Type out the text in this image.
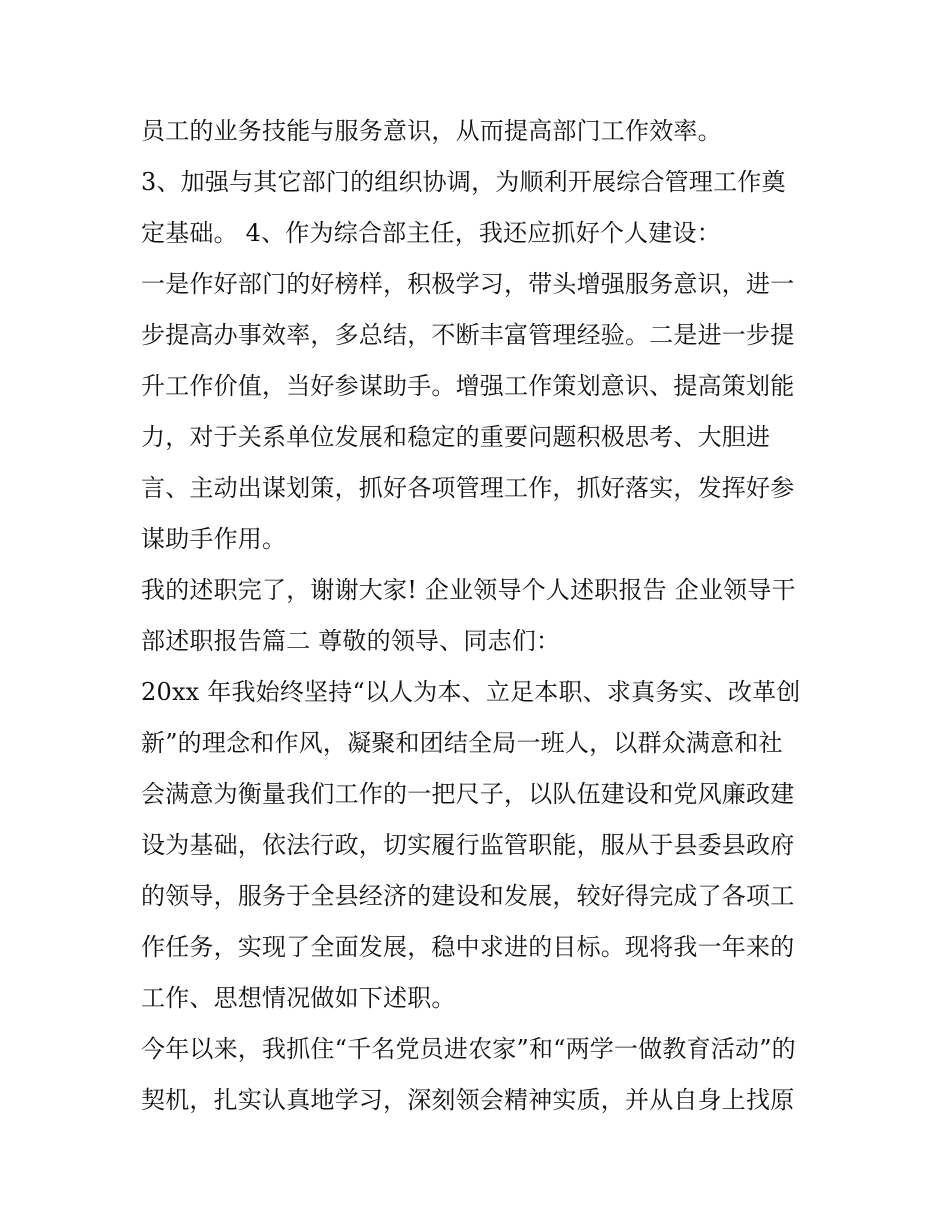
员工的业务技能与服务意识，从而提高部门工作效率。
3、加强与其它部门的组织协调，为顺利开展综合管理工作奠
定基础。 4、作为综合部主任，我还应抓好个人建设：
一是作好部门的好榜样，积极学习，带头增强服务意识，进一
步提高办事效率，多总结，不断丰富管理经验。二是进一步提
升工作价值，当好参谋助手。增强工作策划意识、提高策划能
力，对于关系单位发展和稳定的重要问题积极思考、大胆进
言、主动出谋划策，抓好各项管理工作，抓好落实，发挥好参
谋助手作用。
我的述职完了，谢谢大家! 企业领导个人述职报告 企业领导干
部述职报告篇二 尊敬的领导、同志们：
20xx 年我始终坚持“以人为本、立足本职、求真务实、改革创
新”的理念和作风，凝聚和团结全局一班人，以群众满意和社
会满意为衡量我们工作的一把尺子，以队伍建设和党风廉政建
设为基础，依法行政，切实履行监管职能，服从于县委县政府
的领导，服务于全县经济的建设和发展，较好得完成了各项工
作任务，实现了全面发展，稳中求进的目标。现将我一年来的
工作、思想情况做如下述职。
今年以来，我抓住“千名党员进农家”和“两学一做教育活动”的
契机，扎实认真地学习，深刻领会精神实质，并从自身上找原
